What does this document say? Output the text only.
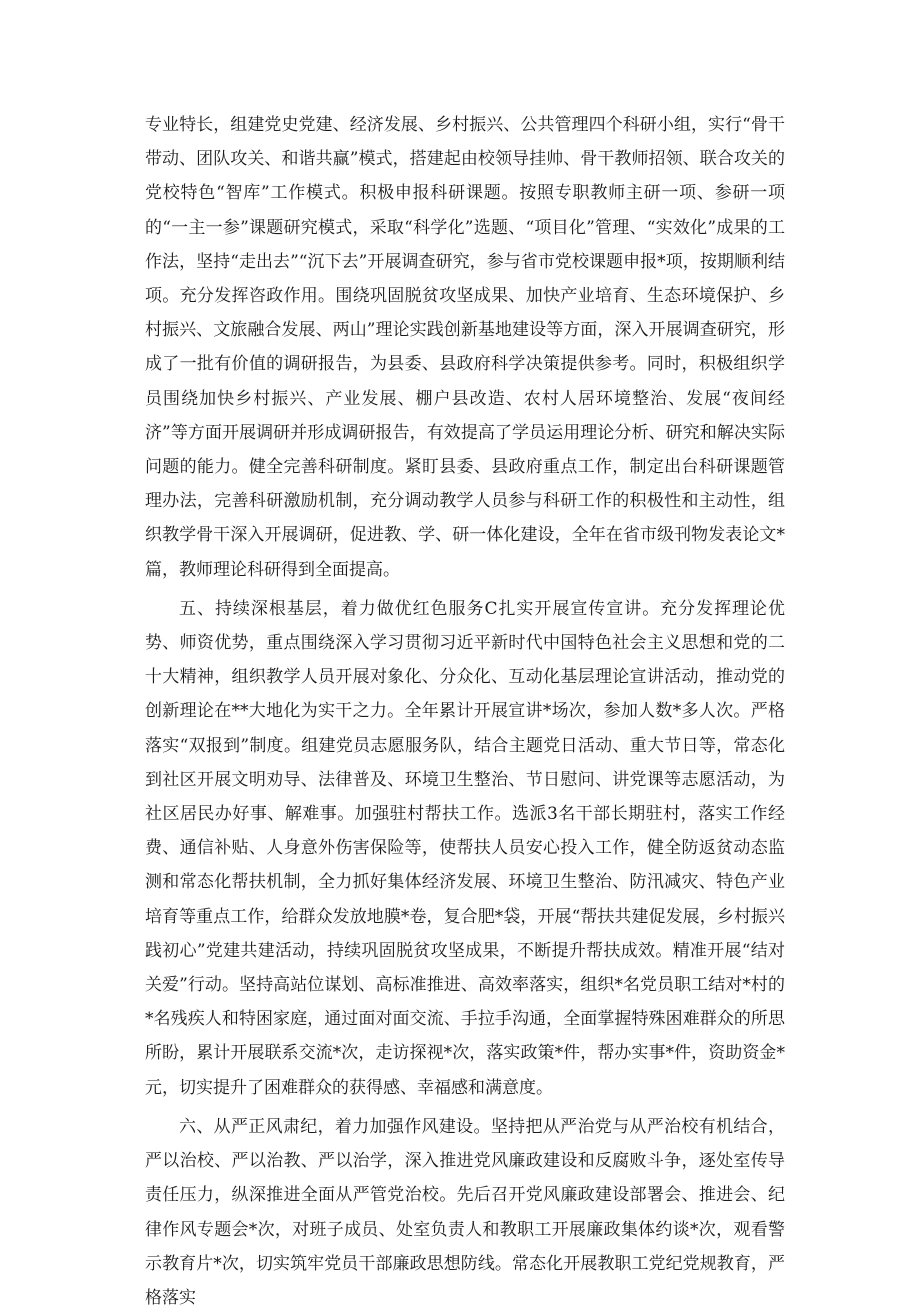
专业特长，组建党史党建、经济发展、乡村振兴、公共管理四个科研小组，实行“骨干带动、团队攻关、和谐共赢”模式，搭建起由校领导挂帅、骨干教师招领、联合攻关的党校特色“智库”工作模式。积极申报科研课题。按照专职教师主研一项、参研一项的“一主一参”课题研究模式，采取“科学化”选题、“项目化”管理、“实效化”成果的工作法，坚持“走出去”“沉下去”开展调查研究，参与省市党校课题申报*项，按期顺利结项。充分发挥咨政作用。围绕巩固脱贫攻坚成果、加快产业培育、生态环境保护、乡村振兴、文旅融合发展、两山”理论实践创新基地建设等方面，深入开展调查研究，形成了一批有价值的调研报告，为县委、县政府科学决策提供参考。同时，积极组织学员围绕加快乡村振兴、产业发展、棚户县改造、农村人居环境整治、发展“夜间经济”等方面开展调研并形成调研报告，有效提高了学员运用理论分析、研究和解决实际问题的能力。健全完善科研制度。紧盯县委、县政府重点工作，制定出台科研课题管理办法，完善科研激励机制，充分调动教学人员参与科研工作的积极性和主动性，组织教学骨干深入开展调研，促进教、学、研一体化建设，全年在省市级刊物发表论文*篇，教师理论科研得到全面提高。

五、持续深根基层，着力做优红色服务C扎实开展宣传宣讲。充分发挥理论优势、师资优势，重点围绕深入学习贯彻习近平新时代中国特色社会主义思想和党的二十大精神，组织教学人员开展对象化、分众化、互动化基层理论宣讲活动，推动党的创新理论在**大地化为实干之力。全年累计开展宣讲*场次，参加人数*多人次。严格落实“双报到”制度。组建党员志愿服务队，结合主题党日活动、重大节日等，常态化到社区开展文明劝导、法律普及、环境卫生整治、节日慰问、讲党课等志愿活动，为社区居民办好事、解难事。加强驻村帮扶工作。选派3名干部长期驻村，落实工作经费、通信补贴、人身意外伤害保险等，使帮扶人员安心投入工作，健全防返贫动态监测和常态化帮扶机制，全力抓好集体经济发展、环境卫生整治、防汛减灾、特色产业培育等重点工作，给群众发放地膜*卷，复合肥*袋，开展“帮扶共建促发展，乡村振兴践初心”党建共建活动，持续巩固脱贫攻坚成果，不断提升帮扶成效。精准开展“结对关爱”行动。坚持高站位谋划、高标准推进、高效率落实，组织*名党员职工结对*村的*名残疾人和特困家庭，通过面对面交流、手拉手沟通，全面掌握特殊困难群众的所思所盼，累计开展联系交流*次，走访探视*次，落实政策*件，帮办实事*件，资助资金*元，切实提升了困难群众的获得感、幸福感和满意度。

六、从严正风肃纪，着力加强作风建设。坚持把从严治党与从严治校有机结合，严以治校、严以治教、严以治学，深入推进党风廉政建设和反腐败斗争，逐处室传导责任压力，纵深推进全面从严管党治校。先后召开党风廉政建设部署会、推进会、纪律作风专题会*次，对班子成员、处室负责人和教职工开展廉政集体约谈*次，观看警示教育片*次，切实筑牢党员干部廉政思想防线。常态化开展教职工党纪党规教育，严格落实
